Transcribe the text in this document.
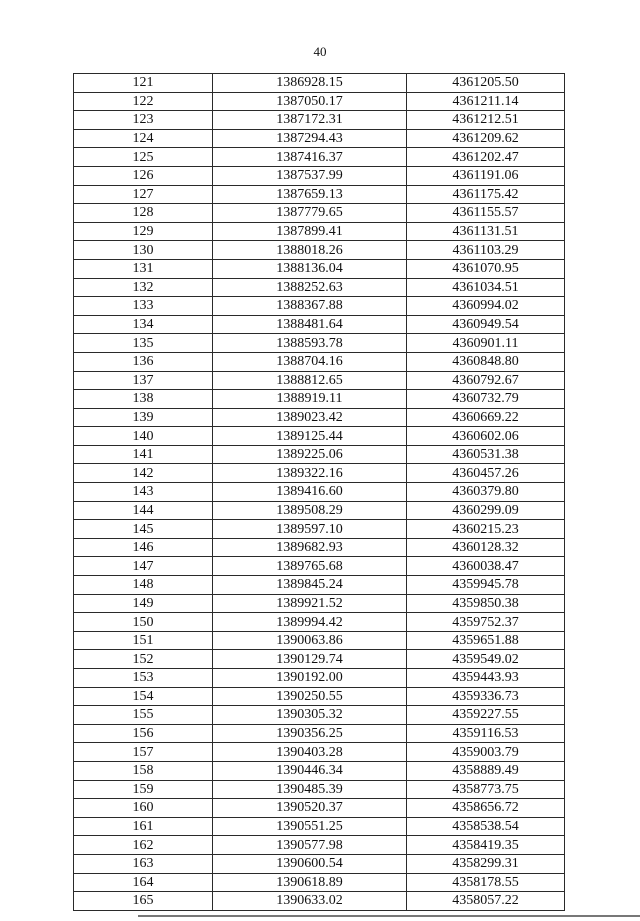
40
121	1386928.15	4361205.50
122	1387050.17	4361211.14
123	1387172.31	4361212.51
124	1387294.43	4361209.62
125	1387416.37	4361202.47
126	1387537.99	4361191.06
127	1387659.13	4361175.42
128	1387779.65	4361155.57
129	1387899.41	4361131.51
130	1388018.26	4361103.29
131	1388136.04	4361070.95
132	1388252.63	4361034.51
133	1388367.88	4360994.02
134	1388481.64	4360949.54
135	1388593.78	4360901.11
136	1388704.16	4360848.80
137	1388812.65	4360792.67
138	1388919.11	4360732.79
139	1389023.42	4360669.22
140	1389125.44	4360602.06
141	1389225.06	4360531.38
142	1389322.16	4360457.26
143	1389416.60	4360379.80
144	1389508.29	4360299.09
145	1389597.10	4360215.23
146	1389682.93	4360128.32
147	1389765.68	4360038.47
148	1389845.24	4359945.78
149	1389921.52	4359850.38
150	1389994.42	4359752.37
151	1390063.86	4359651.88
152	1390129.74	4359549.02
153	1390192.00	4359443.93
154	1390250.55	4359336.73
155	1390305.32	4359227.55
156	1390356.25	4359116.53
157	1390403.28	4359003.79
158	1390446.34	4358889.49
159	1390485.39	4358773.75
160	1390520.37	4358656.72
161	1390551.25	4358538.54
162	1390577.98	4358419.35
163	1390600.54	4358299.31
164	1390618.89	4358178.55
165	1390633.02	4358057.22
